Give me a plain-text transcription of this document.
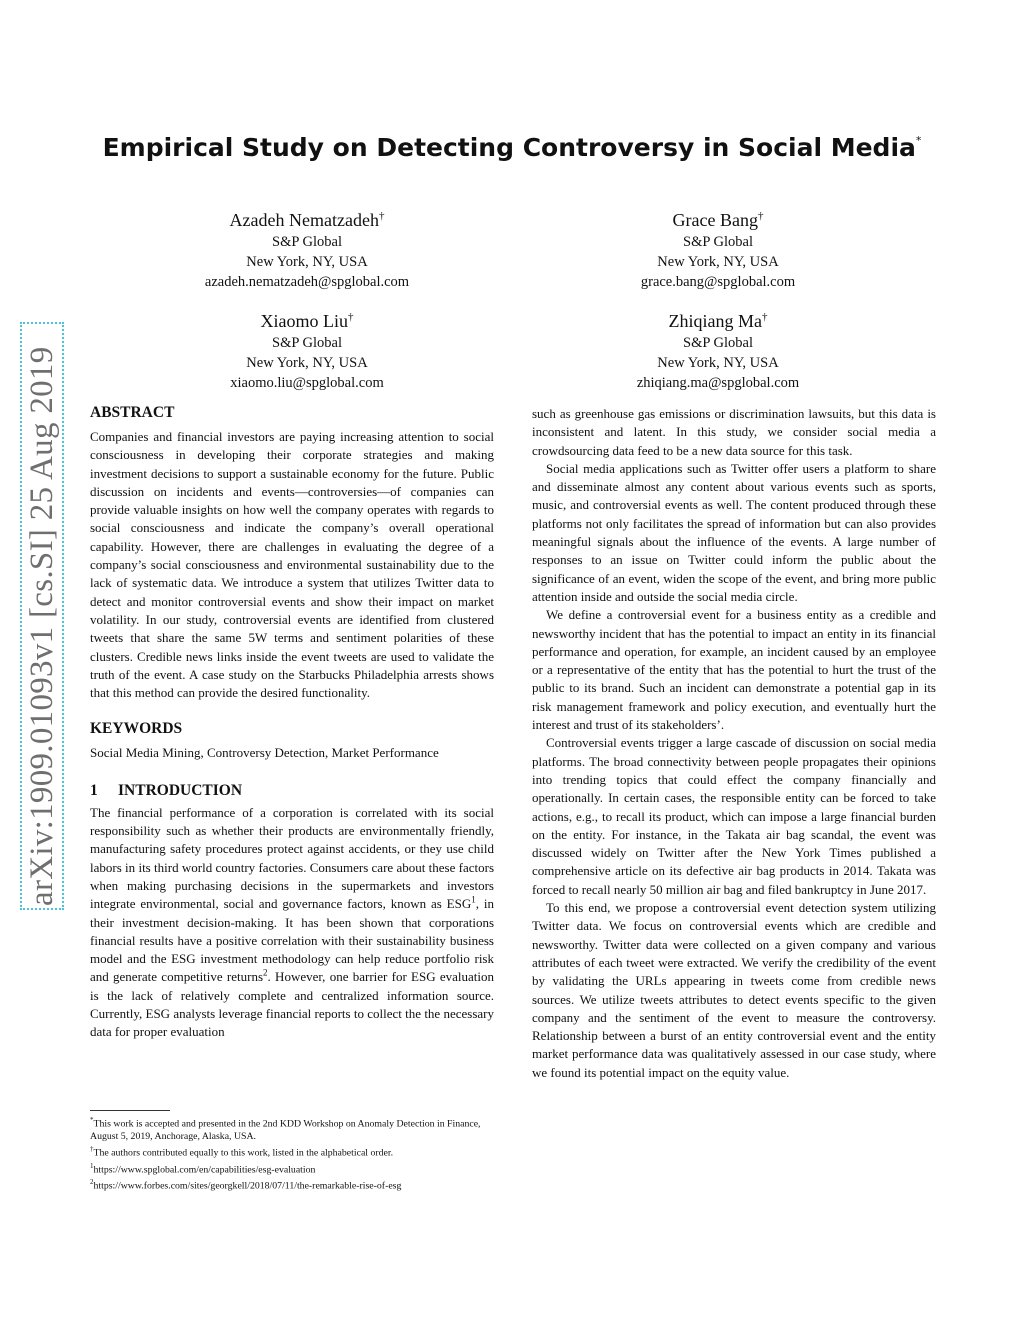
arXiv:1909.01093v1 [cs.SI] 25 Aug 2019
Empirical Study on Detecting Controversy in Social Media*
Azadeh Nematzadeh†
S&P Global
New York, NY, USA
azadeh.nematzadeh@spglobal.com
Grace Bang†
S&P Global
New York, NY, USA
grace.bang@spglobal.com
Xiaomo Liu†
S&P Global
New York, NY, USA
xiaomo.liu@spglobal.com
Zhiqiang Ma†
S&P Global
New York, NY, USA
zhiqiang.ma@spglobal.com
ABSTRACT

Companies and financial investors are paying increasing attention to social consciousness in developing their corporate strategies and making investment decisions to support a sustainable economy for the future. Public discussion on incidents and events—controversies—of companies can provide valuable insights on how well the company operates with regards to social consciousness and indicate the company’s overall operational capability. However, there are challenges in evaluating the degree of a company’s social consciousness and environmental sustainability due to the lack of systematic data. We introduce a system that utilizes Twitter data to detect and monitor controversial events and show their impact on market volatility. In our study, controversial events are identified from clustered tweets that share the same 5W terms and sentiment polarities of these clusters. Credible news links inside the event tweets are used to validate the truth of the event. A case study on the Starbucks Philadelphia arrests shows that this method can provide the desired functionality.

KEYWORDS

Social Media Mining, Controversy Detection, Market Performance

1 INTRODUCTION

The financial performance of a corporation is correlated with its social responsibility such as whether their products are environmentally friendly, manufacturing safety procedures protect against accidents, or they use child labors in its third world country factories. Consumers care about these factors when making purchasing decisions in the supermarkets and investors integrate environmental, social and governance factors, known as ESG$^1$, in their investment decision-making. It has been shown that corporations financial results have a positive correlation with their sustainability business model and the ESG investment methodology can help reduce portfolio risk and generate competitive returns$^2$. However, one barrier for ESG evaluation is the lack of relatively complete and centralized information source. Currently, ESG analysts leverage financial reports to collect the the necessary data for proper evaluation

such as greenhouse gas emissions or discrimination lawsuits, but this data is inconsistent and latent. In this study, we consider social media a crowdsourcing data feed to be a new data source for this task.

Social media applications such as Twitter offer users a platform to share and disseminate almost any content about various events such as sports, music, and controversial events as well. The content produced through these platforms not only facilitates the spread of information but can also provides meaningful signals about the influence of the events. A large number of responses to an issue on Twitter could inform the public about the significance of an event, widen the scope of the event, and bring more public attention inside and outside the social media circle.

We define a controversial event for a business entity as a credible and newsworthy incident that has the potential to impact an entity in its financial performance and operation, for example, an incident caused by an employee or a representative of the entity that has the potential to hurt the trust of the public to its brand. Such an incident can demonstrate a potential gap in its risk management framework and policy execution, and eventually hurt the interest and trust of its stakeholders’.

Controversial events trigger a large cascade of discussion on social media platforms. The broad connectivity between people propagates their opinions into trending topics that could effect the company financially and operationally. In certain cases, the responsible entity can be forced to take actions, e.g., to recall its product, which can impose a large financial burden on the entity. For instance, in the Takata air bag scandal, the event was discussed widely on Twitter after the New York Times published a comprehensive article on its defective air bag products in 2014. Takata was forced to recall nearly 50 million air bag and filed bankruptcy in June 2017.

To this end, we propose a controversial event detection system utilizing Twitter data. We focus on controversial events which are credible and newsworthy. Twitter data were collected on a given company and various attributes of each tweet were extracted. We verify the credibility of the event by validating the URLs appearing in tweets come from credible news sources. We utilize tweets attributes to detect events specific to the given company and the sentiment of the event to measure the controversy. Relationship between a burst of an entity controversial event and the entity market performance data was qualitatively assessed in our case study, where we found its potential impact on the equity value.

*This work is accepted and presented in the 2nd KDD Workshop on Anomaly Detection in Finance, August 5, 2019, Anchorage, Alaska, USA.
†The authors contributed equally to this work, listed in the alphabetical order.
$^1$https://www.spglobal.com/en/capabilities/esg-evaluation
$^2$https://www.forbes.com/sites/georgkell/2018/07/11/the-remarkable-rise-of-esg
